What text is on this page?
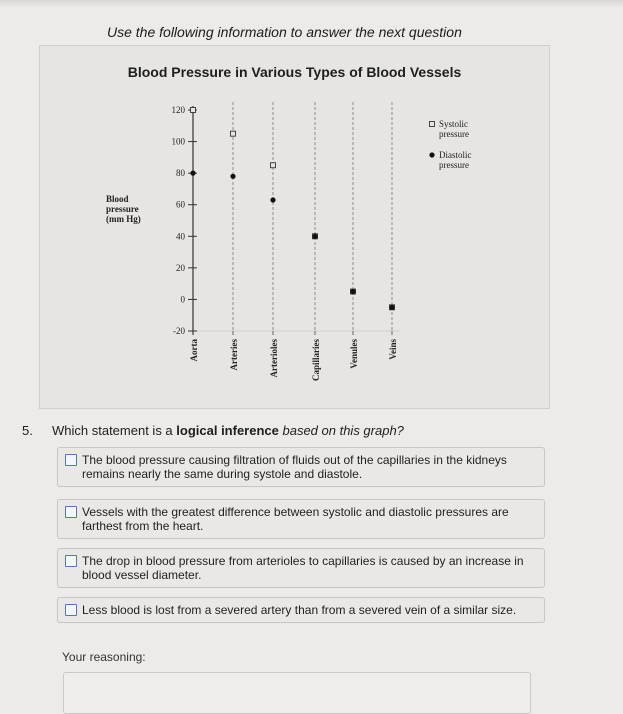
Use the following information to answer the next question
Blood Pressure in Various Types of Blood Vessels
120
100
80
60
40
20
0
-20
Blood
pressure
(mm Hg)
Aorta	Arteries	Arterioles	Capillaries	Venules	Veins
Systolic
pressure
Diastolic
pressure
5. Which statement is a logical inference based on this graph?
The blood pressure causing filtration of fluids out of the capillaries in the kidneys remains nearly the same during systole and diastole.
Vessels with the greatest difference between systolic and diastolic pressures are farthest from the heart.
The drop in blood pressure from arterioles to capillaries is caused by an increase in blood vessel diameter.
Less blood is lost from a severed artery than from a severed vein of a similar size.
Your reasoning:
